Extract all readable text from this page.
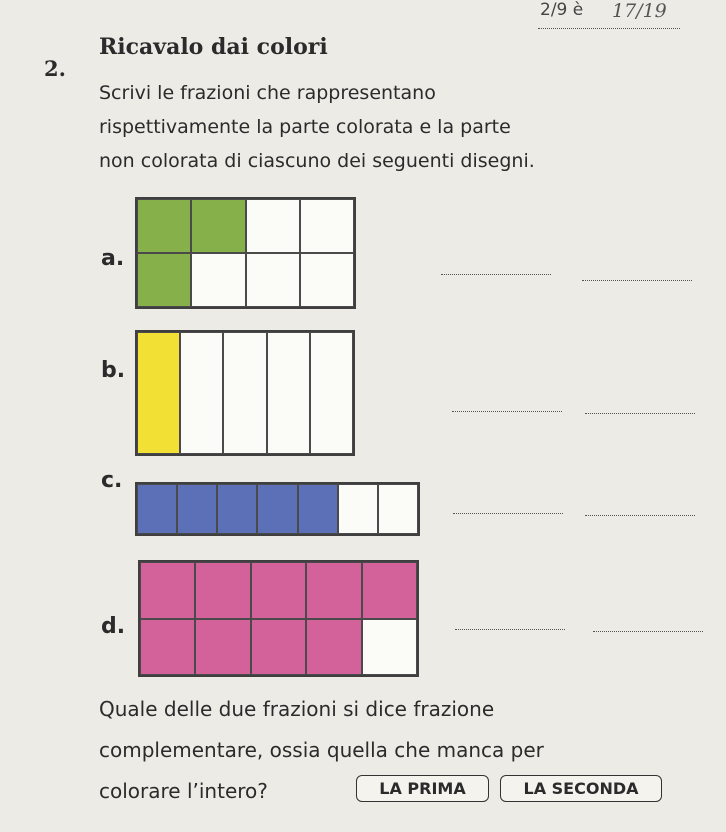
2/9 è 17/19
2.
Ricavalo dai colori
Scrivi le frazioni che rappresentano
rispettivamente la parte colorata e la parte
non colorata di ciascuno dei seguenti disegni.
a.
b.
c.
d.
Quale delle due frazioni si dice frazione
complementare, ossia quella che manca per
colorare l’intero?	LA PRIMA	LA SECONDA
